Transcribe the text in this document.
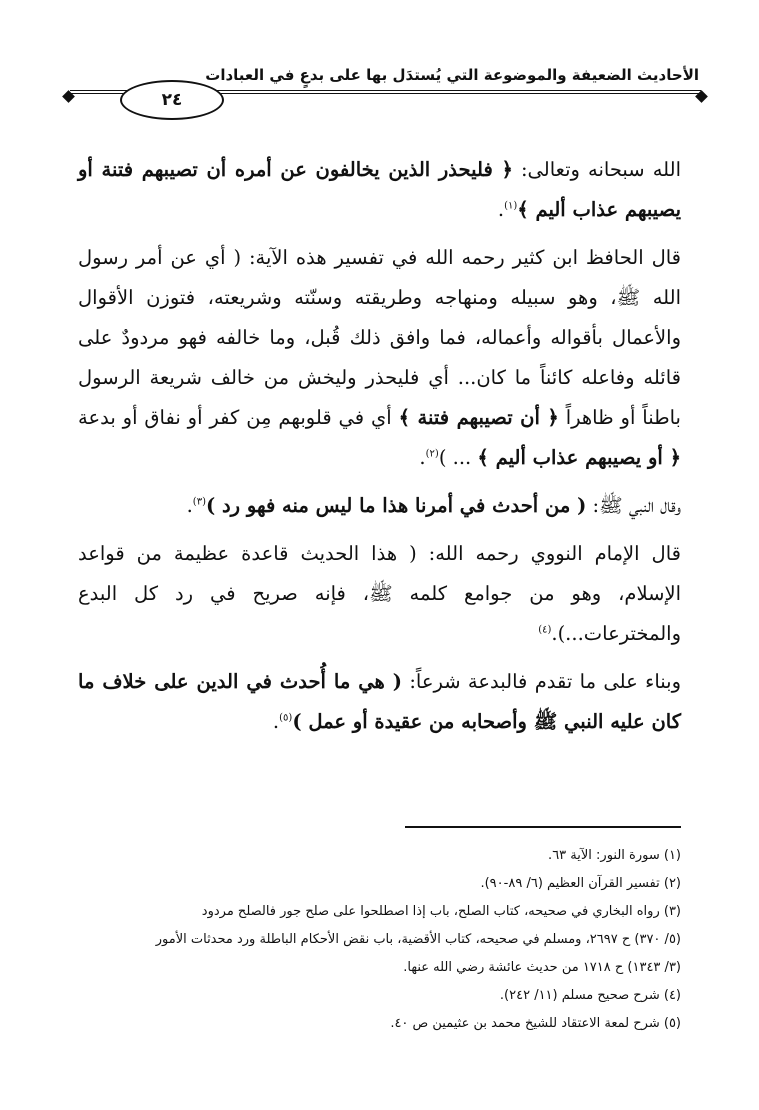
الأحاديث الضعيفة والموضوعة التي يُستدَل بها على بدعٍ في العبادات
٢٤

الله سبحانه وتعالى: ﴿ فليحذر الذين يخالفون عن أمره أن تصيبهم فتنة أو يصيبهم عذاب أليم ﴾$^{(١)}$.

قال الحافظ ابن كثير رحمه الله في تفسير هذه الآية: ( أي عن أمر رسول الله ﷺ، وهو سبيله ومنهاجه وطريقته وسنّته وشريعته، فتوزن الأقوال والأعمال بأقواله وأعماله، فما وافق ذلك قُبل، وما خالفه فهو مردودٌ على قائله وفاعله كائناً ما كان... أي فليحذر وليخش من خالف شريعة الرسول باطناً أو ظاهراً ﴿ أن تصيبهم فتنة ﴾ أي في قلوبهم مِن كفر أو نفاق أو بدعة ﴿ أو يصيبهم عذاب أليم ﴾ ... )$^{(٢)}$.

وقال النبي ﷺ: ( من أحدث في أمرنا هذا ما ليس منه فهو رد )$^{(٣)}$.

قال الإمام النووي رحمه الله: ( هذا الحديث قاعدة عظيمة من قواعد الإسلام، وهو من جوامع كلمه ﷺ، فإنه صريح في رد كل البدع والمخترعات...).$^{(٤)}$

وبناء على ما تقدم فالبدعة شرعاً: ( هي ما أُحدث في الدين على خلاف ما كان عليه النبي ﷺ وأصحابه من عقيدة أو عمل )$^{(٥)}$.

(١) سورة النور: الآية ٦٣.
(٢) تفسير القرآن العظيم (٦/ ٨٩-٩٠).
(٣) رواه البخاري في صحيحه، كتاب الصلح، باب إذا اصطلحوا على صلح جور فالصلح مردود
(٥/ ٣٧٠) ح ٢٦٩٧، ومسلم في صحيحه، كتاب الأقضية، باب نقض الأحكام الباطلة ورد محدثات الأمور
(٣/ ١٣٤٣) ح ١٧١٨ من حديث عائشة رضي الله عنها.
(٤) شرح صحيح مسلم (١١/ ٢٤٢).
(٥) شرح لمعة الاعتقاد للشيخ محمد بن عثيمين ص ٤٠.
